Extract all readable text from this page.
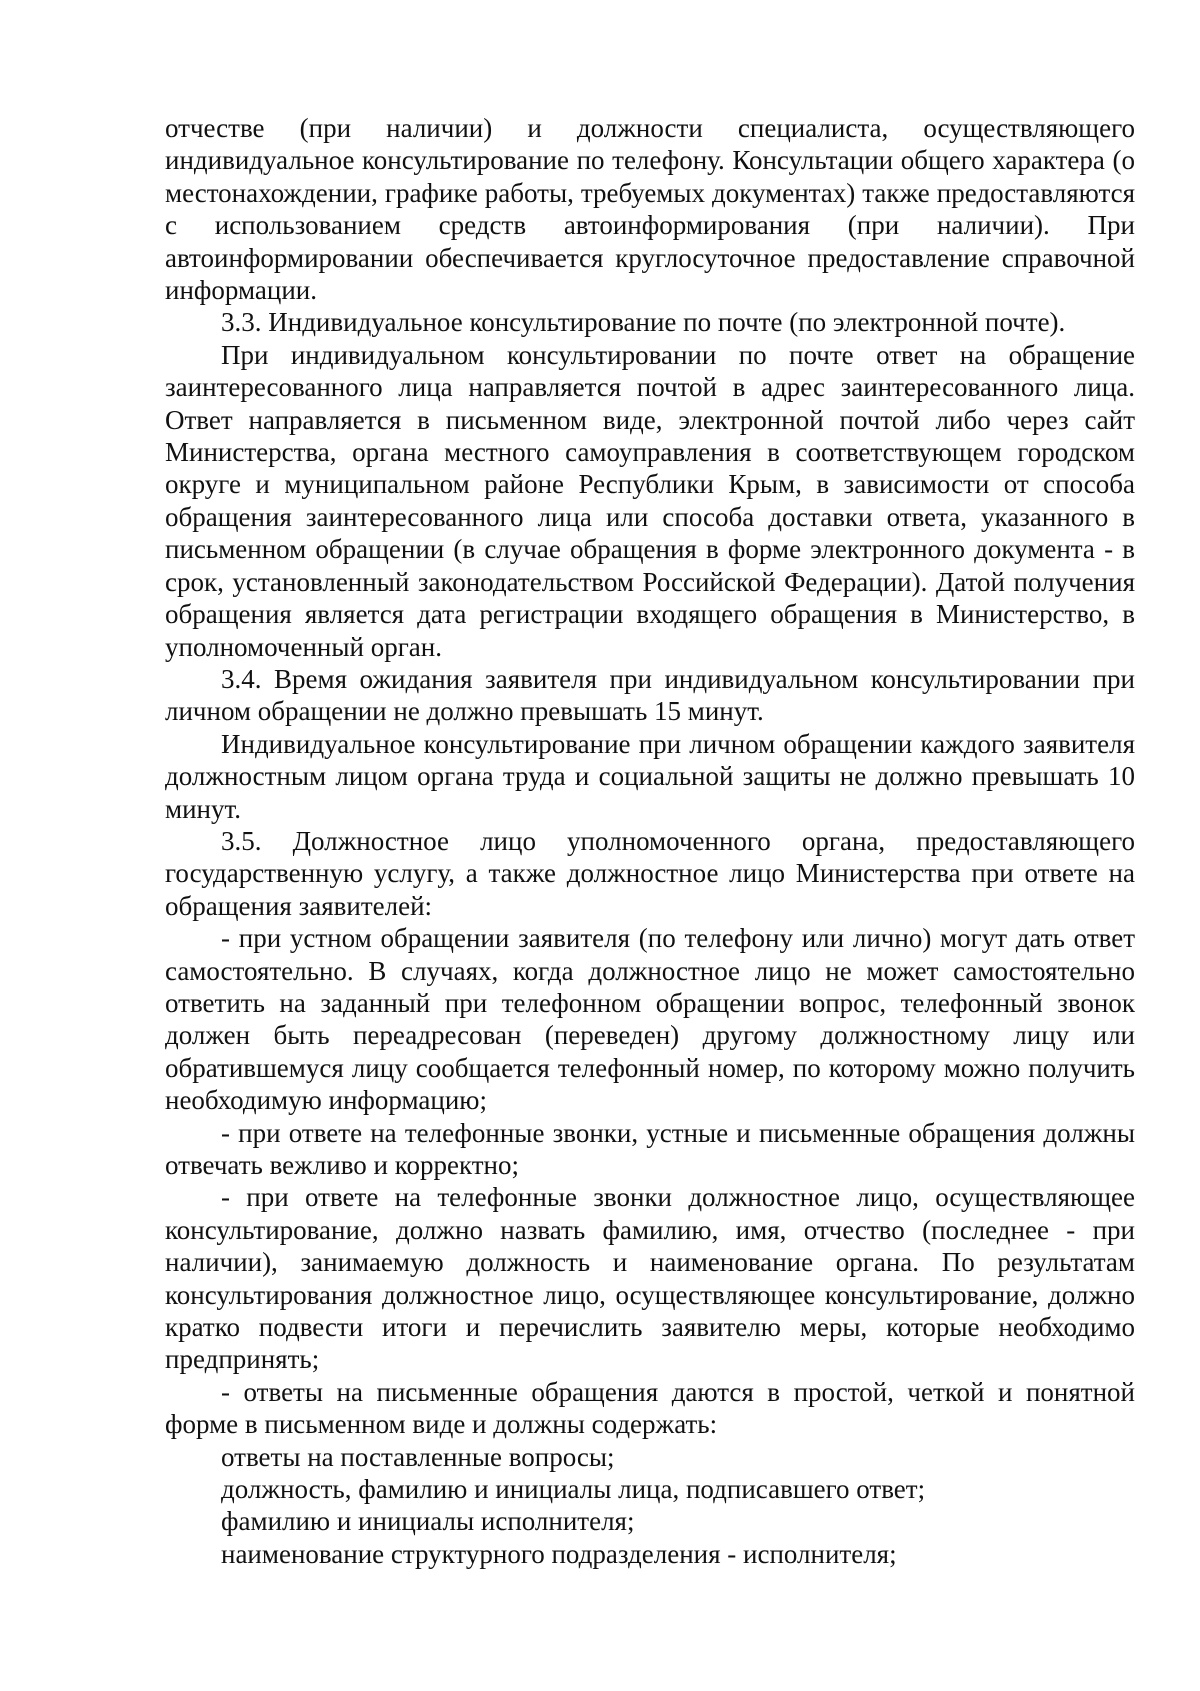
отчестве (при наличии) и должности специалиста, осуществляющего индивидуальное консультирование по телефону. Консультации общего характера (о местонахождении, графике работы, требуемых документах) также предоставляются с использованием средств автоинформирования (при наличии). При автоинформировании обеспечивается круглосуточное предоставление справочной информации.

3.3. Индивидуальное консультирование по почте (по электронной почте).

При индивидуальном консультировании по почте ответ на обращение заинтересованного лица направляется почтой в адрес заинтересованного лица. Ответ направляется в письменном виде, электронной почтой либо через сайт Министерства, органа местного самоуправления в соответствующем городском округе и муниципальном районе Республики Крым, в зависимости от способа обращения заинтересованного лица или способа доставки ответа, указанного в письменном обращении (в случае обращения в форме электронного документа - в срок, установленный законодательством Российской Федерации). Датой получения обращения является дата регистрации входящего обращения в Министерство, в уполномоченный орган.

3.4. Время ожидания заявителя при индивидуальном консультировании при личном обращении не должно превышать 15 минут.

Индивидуальное консультирование при личном обращении каждого заявителя должностным лицом органа труда и социальной защиты не должно превышать 10 минут.

3.5. Должностное лицо уполномоченного органа, предоставляющего государственную услугу, а также должностное лицо Министерства при ответе на обращения заявителей:

- при устном обращении заявителя (по телефону или лично) могут дать ответ самостоятельно. В случаях, когда должностное лицо не может самостоятельно ответить на заданный при телефонном обращении вопрос, телефонный звонок должен быть переадресован (переведен) другому должностному лицу или обратившемуся лицу сообщается телефонный номер, по которому можно получить необходимую информацию;

- при ответе на телефонные звонки, устные и письменные обращения должны отвечать вежливо и корректно;

- при ответе на телефонные звонки должностное лицо, осуществляющее консультирование, должно назвать фамилию, имя, отчество (последнее - при наличии), занимаемую должность и наименование органа. По результатам консультирования должностное лицо, осуществляющее консультирование, должно кратко подвести итоги и перечислить заявителю меры, которые необходимо предпринять;

- ответы на письменные обращения даются в простой, четкой и понятной форме в письменном виде и должны содержать:

ответы на поставленные вопросы;

должность, фамилию и инициалы лица, подписавшего ответ;

фамилию и инициалы исполнителя;

наименование структурного подразделения - исполнителя;
